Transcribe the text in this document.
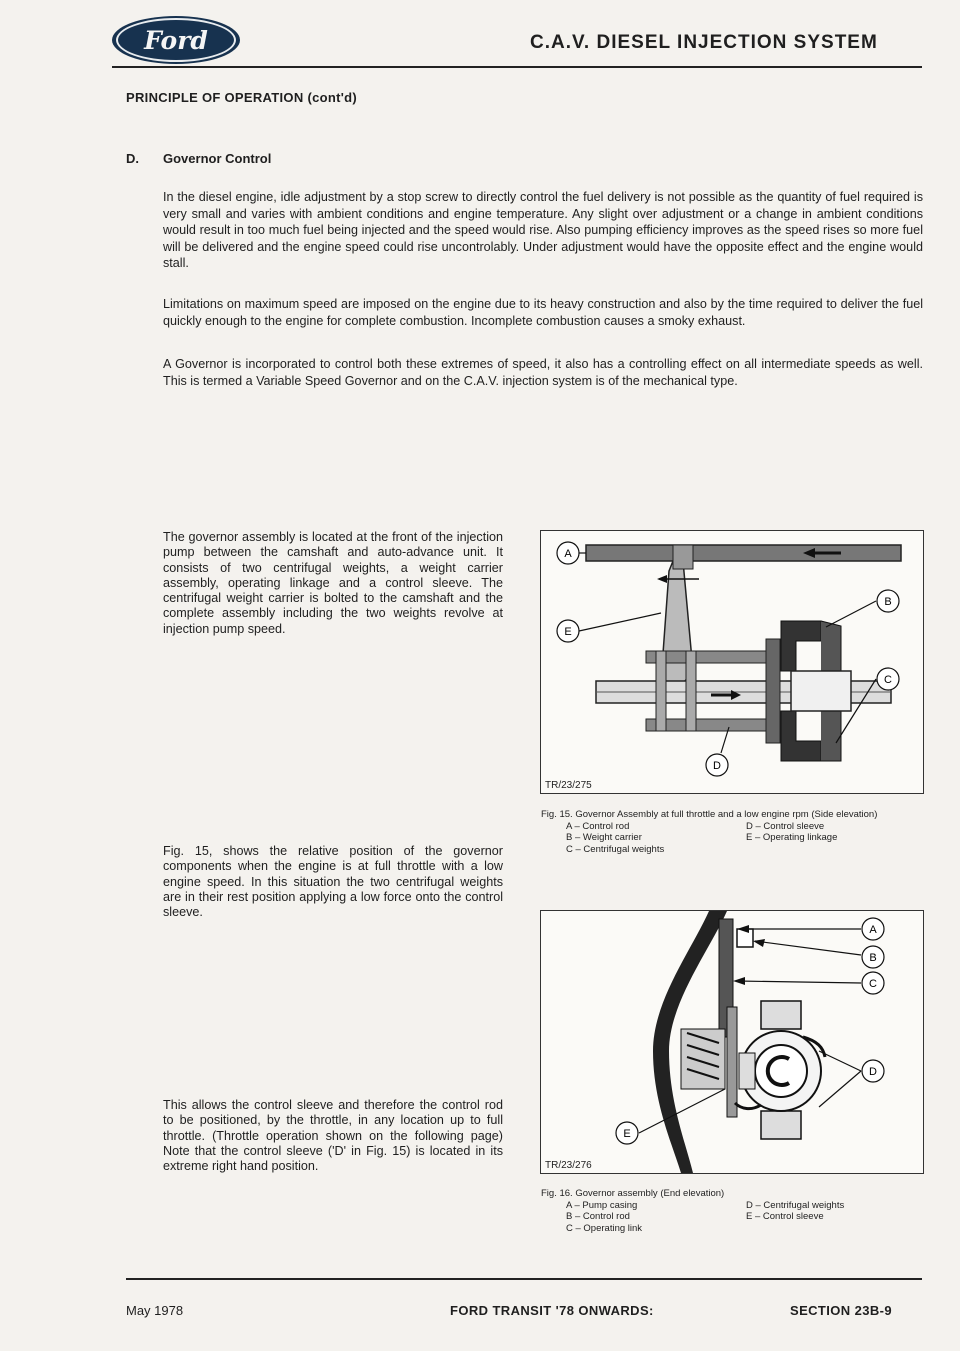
Ford	C.A.V. DIESEL INJECTION SYSTEM
PRINCIPLE OF OPERATION (cont'd)
D. Governor Control

In the diesel engine, idle adjustment by a stop screw to directly control the fuel delivery is not possible as the quantity of fuel required is very small and varies with ambient conditions and engine temperature. Any slight over adjustment or a change in ambient conditions would result in too much fuel being injected and the speed would rise. Also pumping efficiency improves as the speed rises so more fuel will be delivered and the engine speed could rise uncontrolably. Under adjustment would have the opposite effect and the engine would stall.

Limitations on maximum speed are imposed on the engine due to its heavy construction and also by the time required to deliver the fuel quickly enough to the engine for complete combustion. Incomplete combustion causes a smoky exhaust.

A Governor is incorporated to control both these extremes of speed, it also has a controlling effect on all intermediate speeds as well. This is termed a Variable Speed Governor and on the C.A.V. injection system is of the mechanical type.

The governor assembly is located at the front of the injection pump between the camshaft and auto-advance unit. It consists of two centrifugal weights, a weight carrier assembly, operating linkage and a control sleeve. The centrifugal weight carrier is bolted to the camshaft and the complete assembly including the two weights revolve at injection pump speed.

Fig. 15, shows the relative position of the governor components when the engine is at full throttle with a low engine speed. In this situation the two centrifugal weights are in their rest position applying a low force onto the control sleeve.

This allows the control sleeve and therefore the control rod to be positioned, by the throttle, in any location up to full throttle. (Throttle operation shown on the following page) Note that the control sleeve ('D' in Fig. 15) is located in its extreme right hand position.

A
B
C
D
E
TR/23/275

Fig. 15. Governor Assembly at full throttle and a low engine rpm (Side elevation)

A – Control rod	D – Control sleeve
B – Weight carrier	E – Operating linkage
C – Centrifugal weights
A
B
C
D
E
TR/23/276

Fig. 16. Governor assembly (End elevation)

A – Pump casing	D – Centrifugal weights
B – Control rod	E – Control sleeve
C – Operating link
May 1978	FORD TRANSIT '78 ONWARDS:	SECTION 23B-9
